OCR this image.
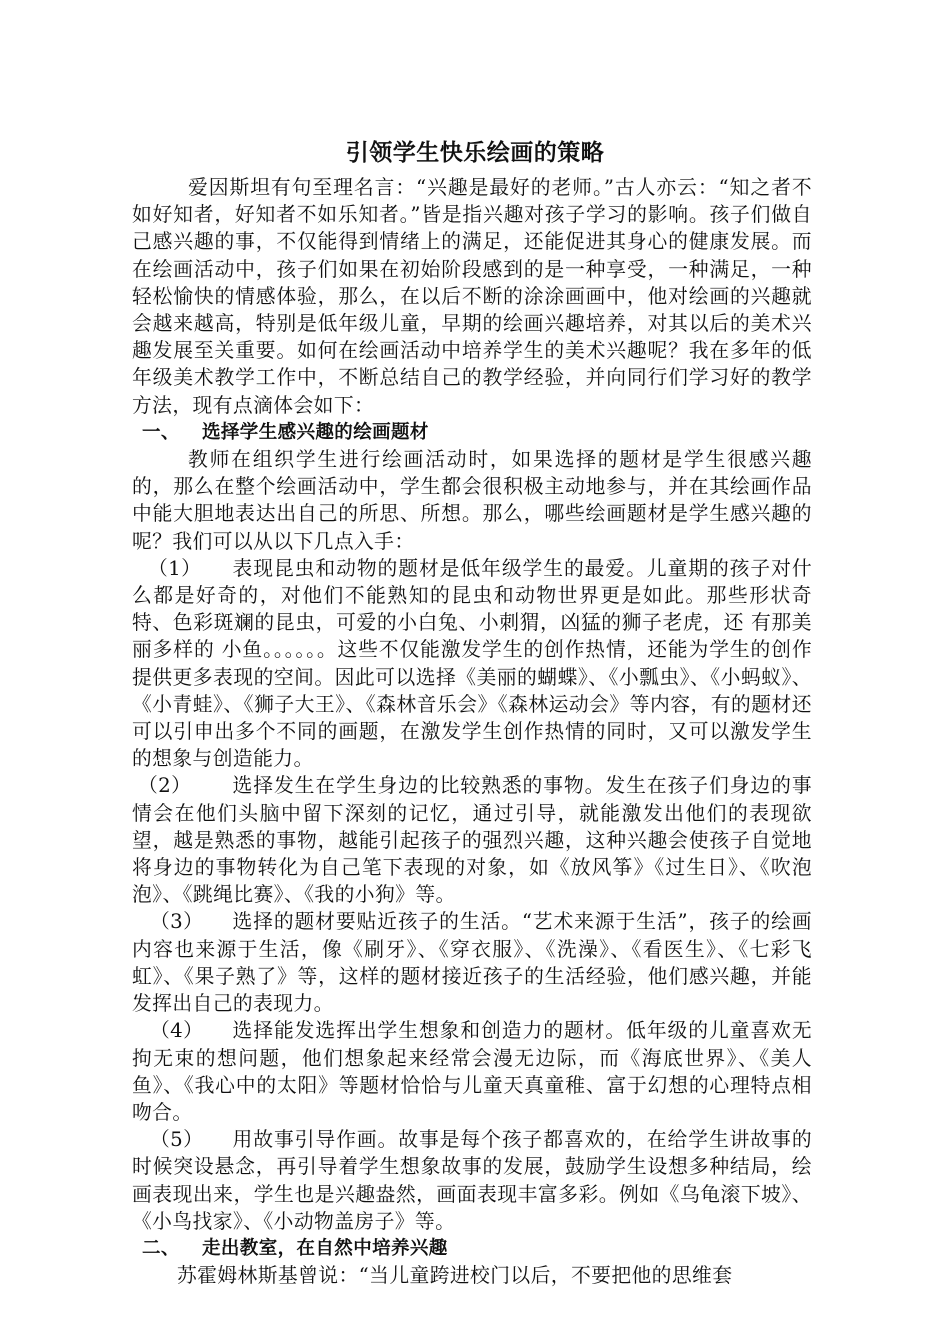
引领学生快乐绘画的策略

爱因斯坦有句至理名言：“兴趣是最好的老师。”古人亦云：“知之者不如好知者，好知者不如乐知者。”皆是指兴趣对孩子学习的影响。孩子们做自己感兴趣的事，不仅能得到情绪上的满足，还能促进其身心的健康发展。而在绘画活动中，孩子们如果在初始阶段感到的是一种享受，一种满足，一种轻松愉快的情感体验，那么，在以后不断的涂涂画画中，他对绘画的兴趣就会越来越高，特别是低年级儿童，早期的绘画兴趣培养，对其以后的美术兴趣发展至关重要。如何在绘画活动中培养学生的美术兴趣呢？我在多年的低年级美术教学工作中，不断总结自己的教学经验，并向同行们学习好的教学方法，现有点滴体会如下：

一、 选择学生感兴趣的绘画题材

教师在组织学生进行绘画活动时，如果选择的题材是学生很感兴趣的，那么在整个绘画活动中，学生都会很积极主动地参与，并在其绘画作品中能大胆地表达出自己的所思、所想。那么，哪些绘画题材是学生感兴趣的呢？我们可以从以下几点入手：

（1） 表现昆虫和动物的题材是低年级学生的最爱。儿童期的孩子对什么都是好奇的，对他们不能熟知的昆虫和动物世界更是如此。那些形状奇特、色彩斑斓的昆虫，可爱的小白兔、小刺猬，凶猛的狮子老虎，还 有那美丽多样的 小鱼。。。。。。这些不仅能激发学生的创作热情，还能为学生的创作提供更多表现的空间。因此可以选择《美丽的蝴蝶》、《小瓢虫》、《小蚂蚁》、《小青蛙》、《狮子大王》、《森林音乐会》《森林运动会》等内容，有的题材还可以引申出多个不同的画题，在激发学生创作热情的同时，又可以激发学生的想象与创造能力。

（2） 选择发生在学生身边的比较熟悉的事物。发生在孩子们身边的事情会在他们头脑中留下深刻的记忆，通过引导，就能激发出他们的表现欲望，越是熟悉的事物，越能引起孩子的强烈兴趣，这种兴趣会使孩子自觉地将身边的事物转化为自己笔下表现的对象，如《放风筝》《过生日》、《吹泡泡》、《跳绳比赛》、《我的小狗》等。

（3） 选择的题材要贴近孩子的生活。“艺术来源于生活”，孩子的绘画内容也来源于生活，像《刷牙》、《穿衣服》、《洗澡》、《看医生》、《七彩飞虹》、《果子熟了》等，这样的题材接近孩子的生活经验，他们感兴趣，并能发挥出自己的表现力。

（4） 选择能发选挥出学生想象和创造力的题材。低年级的儿童喜欢无拘无束的想问题，他们想象起来经常会漫无边际，而《海底世界》、《美人鱼》、《我心中的太阳》等题材恰恰与儿童天真童稚、富于幻想的心理特点相吻合。

（5） 用故事引导作画。故事是每个孩子都喜欢的，在给学生讲故事的时候突设悬念，再引导着学生想象故事的发展，鼓励学生设想多种结局，绘画表现出来，学生也是兴趣盎然，画面表现丰富多彩。例如《乌龟滚下坡》、《小鸟找家》、《小动物盖房子》等。

二、 走出教室，在自然中培养兴趣

苏霍姆林斯基曾说：“当儿童跨进校门以后，不要把他的思维套
